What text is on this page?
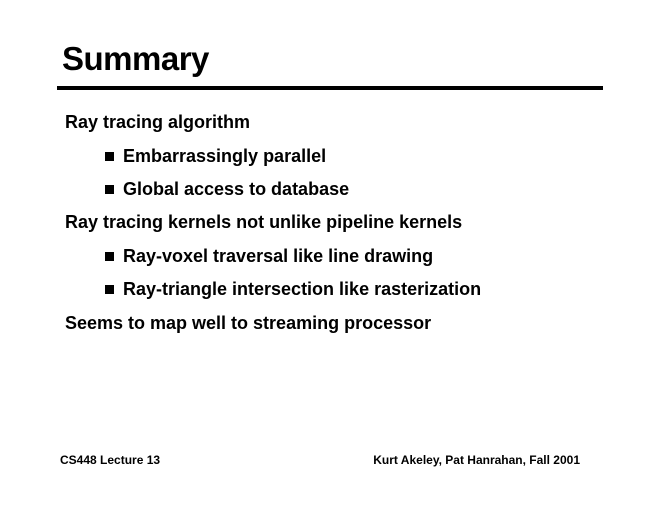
Summary
Ray tracing algorithm
Embarrassingly parallel
Global access to database
Ray tracing kernels not unlike pipeline kernels
Ray-voxel traversal like line drawing
Ray-triangle intersection like rasterization
Seems to map well to streaming processor
CS448 Lecture 13	Kurt Akeley, Pat Hanrahan, Fall 2001
